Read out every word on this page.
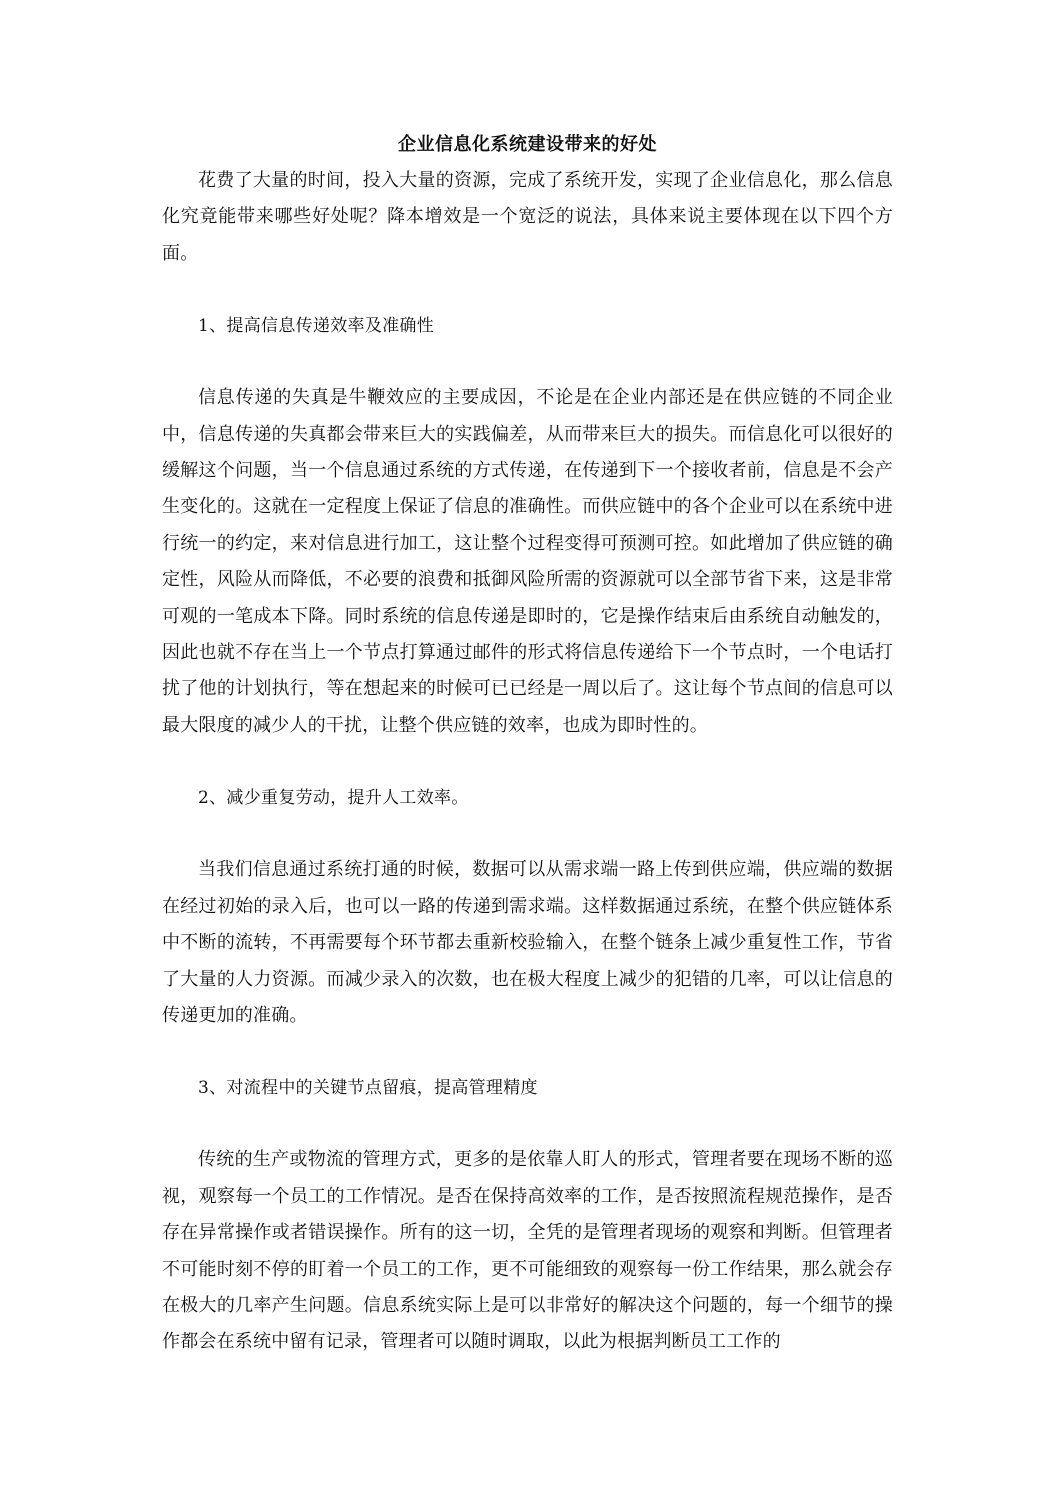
企业信息化系统建设带来的好处

花费了大量的时间，投入大量的资源，完成了系统开发，实现了企业信息化，那么信息化究竟能带来哪些好处呢？降本增效是一个宽泛的说法，具体来说主要体现在以下四个方面。

1、提高信息传递效率及准确性

信息传递的失真是牛鞭效应的主要成因，不论是在企业内部还是在供应链的不同企业中，信息传递的失真都会带来巨大的实践偏差，从而带来巨大的损失。而信息化可以很好的缓解这个问题，当一个信息通过系统的方式传递，在传递到下一个接收者前，信息是不会产生变化的。这就在一定程度上保证了信息的准确性。而供应链中的各个企业可以在系统中进行统一的约定，来对信息进行加工，这让整个过程变得可预测可控。如此增加了供应链的确定性，风险从而降低，不必要的浪费和抵御风险所需的资源就可以全部节省下来，这是非常可观的一笔成本下降。同时系统的信息传递是即时的，它是操作结束后由系统自动触发的，因此也就不存在当上一个节点打算通过邮件的形式将信息传递给下一个节点时，一个电话打扰了他的计划执行，等在想起来的时候可已已经是一周以后了。这让每个节点间的信息可以最大限度的减少人的干扰，让整个供应链的效率，也成为即时性的。

2、减少重复劳动，提升人工效率。

当我们信息通过系统打通的时候，数据可以从需求端一路上传到供应端，供应端的数据在经过初始的录入后，也可以一路的传递到需求端。这样数据通过系统，在整个供应链体系中不断的流转，不再需要每个环节都去重新校验输入，在整个链条上减少重复性工作，节省了大量的人力资源。而减少录入的次数，也在极大程度上减少的犯错的几率，可以让信息的传递更加的准确。

3、对流程中的关键节点留痕，提高管理精度

传统的生产或物流的管理方式，更多的是依靠人盯人的形式，管理者要在现场不断的巡视，观察每一个员工的工作情况。是否在保持高效率的工作，是否按照流程规范操作，是否存在异常操作或者错误操作。所有的这一切，全凭的是管理者现场的观察和判断。但管理者不可能时刻不停的盯着一个员工的工作，更不可能细致的观察每一份工作结果，那么就会存在极大的几率产生问题。信息系统实际上是可以非常好的解决这个问题的，每一个细节的操作都会在系统中留有记录，管理者可以随时调取，以此为根据判断员工工作的
